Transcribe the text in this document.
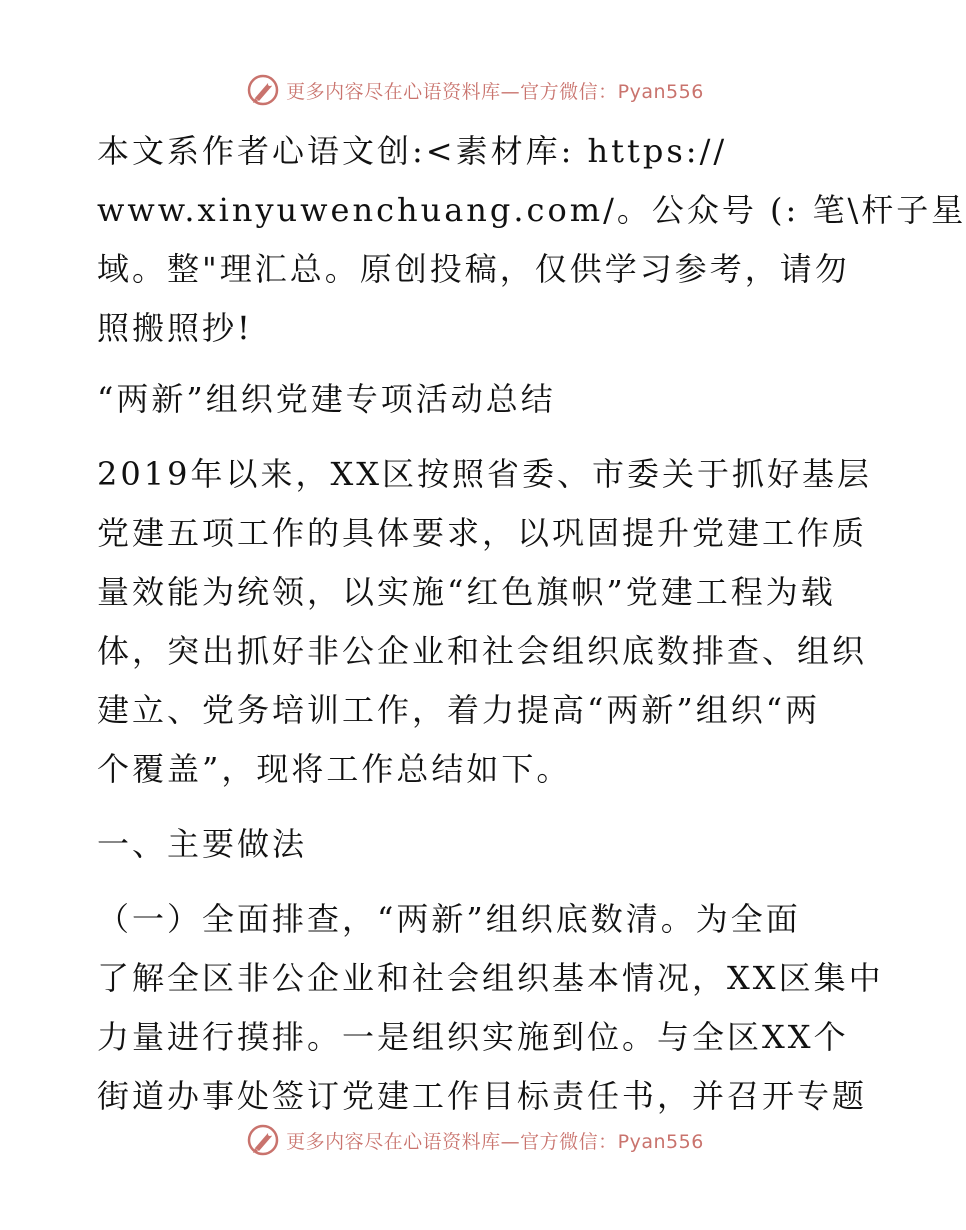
更多内容尽在心语资料库—官方微信：Pyan556
本文系作者心语文创:<素材库: https://
www.xinyuwenchuang.com/。公众号 (: 笔\杆子星
域。整"理汇总。原创投稿，仅供学习参考，请勿
照搬照抄!
“两新”组织党建专项活动总结
2019年以来，XX区按照省委、市委关于抓好基层
党建五项工作的具体要求，以巩固提升党建工作质
量效能为统领，以实施“红色旗帜”党建工程为载
体，突出抓好非公企业和社会组织底数排查、组织
建立、党务培训工作，着力提高“两新”组织“两
个覆盖”，现将工作总结如下。
一、主要做法
（一）全面排查，“两新”组织底数清。为全面
了解全区非公企业和社会组织基本情况，XX区集中
力量进行摸排。一是组织实施到位。与全区XX个
街道办事处签订党建工作目标责任书，并召开专题
更多内容尽在心语资料库—官方微信：Pyan556
